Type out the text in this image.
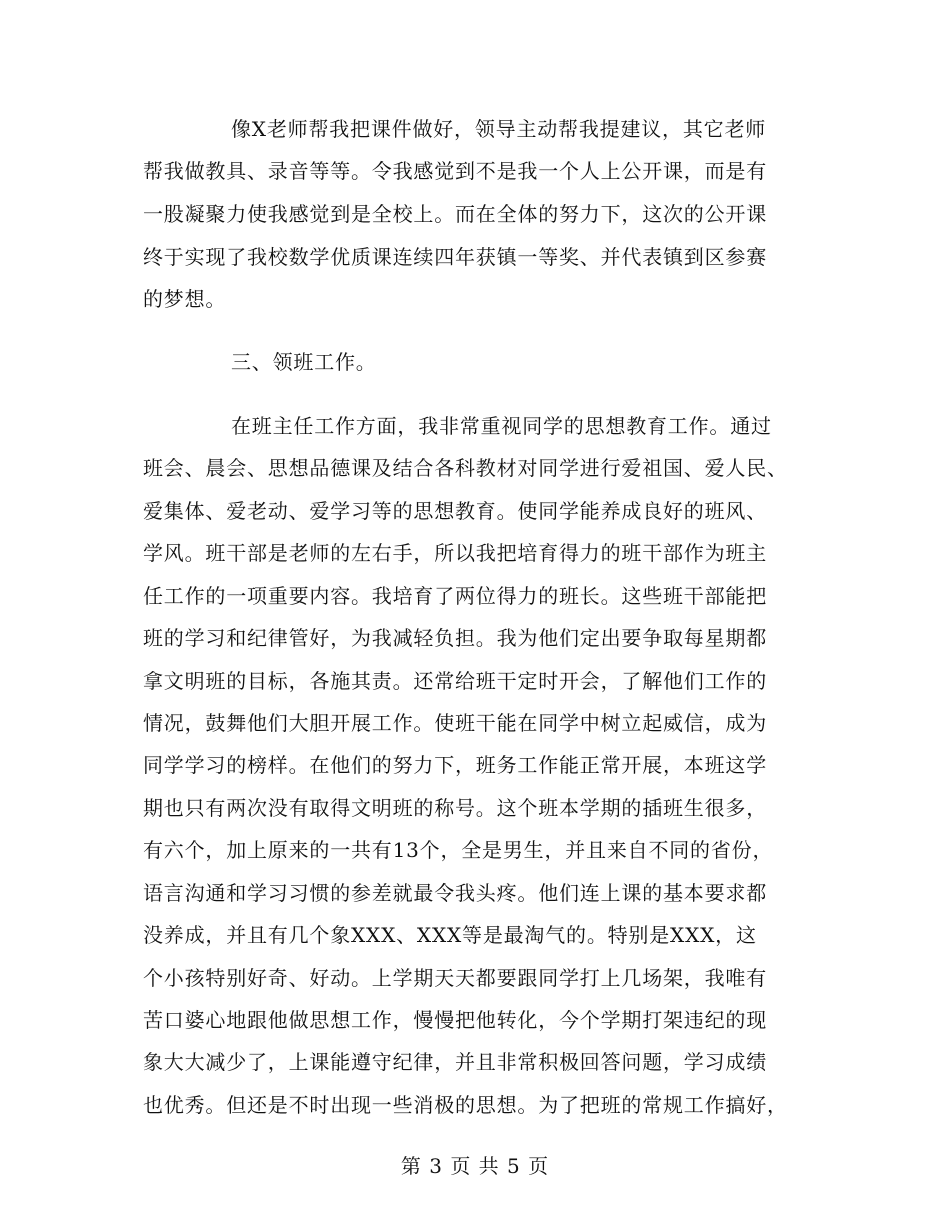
像X老师帮我把课件做好，领导主动帮我提建议，其它老师
帮我做教具、录音等等。令我感觉到不是我一个人上公开课，而是有
一股凝聚力使我感觉到是全校上。而在全体的努力下，这次的公开课
终于实现了我校数学优质课连续四年获镇一等奖、并代表镇到区参赛
的梦想。
三、领班工作。
在班主任工作方面，我非常重视同学的思想教育工作。通过
班会、晨会、思想品德课及结合各科教材对同学进行爱祖国、爱人民、
爱集体、爱老动、爱学习等的思想教育。使同学能养成良好的班风、
学风。班干部是老师的左右手，所以我把培育得力的班干部作为班主
任工作的一项重要内容。我培育了两位得力的班长。这些班干部能把
班的学习和纪律管好，为我减轻负担。我为他们定出要争取每星期都
拿文明班的目标，各施其责。还常给班干定时开会，了解他们工作的
情况，鼓舞他们大胆开展工作。使班干能在同学中树立起威信，成为
同学学习的榜样。在他们的努力下，班务工作能正常开展，本班这学
期也只有两次没有取得文明班的称号。这个班本学期的插班生很多，
有六个，加上原来的一共有13个，全是男生，并且来自不同的省份，
语言沟通和学习习惯的参差就最令我头疼。他们连上课的基本要求都
没养成，并且有几个象XXX、XXX等是最淘气的。特别是XXX，这
个小孩特别好奇、好动。上学期天天都要跟同学打上几场架，我唯有
苦口婆心地跟他做思想工作，慢慢把他转化，今个学期打架违纪的现
象大大减少了，上课能遵守纪律，并且非常积极回答问题，学习成绩
也优秀。但还是不时出现一些消极的思想。为了把班的常规工作搞好，
第 3 页 共 5 页
